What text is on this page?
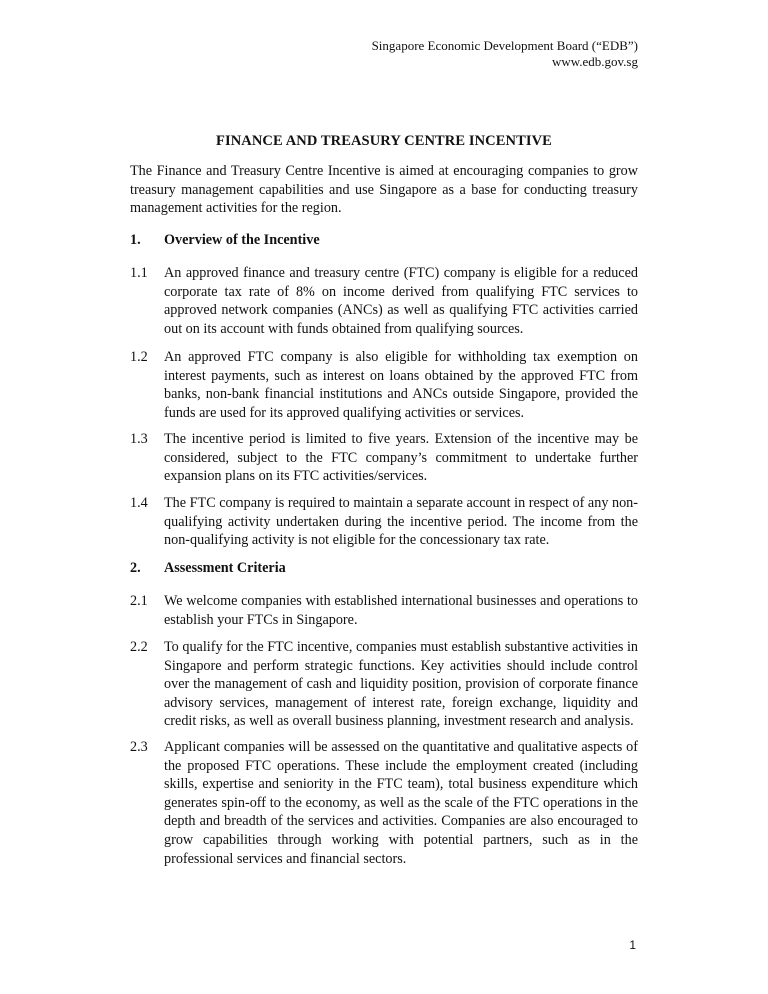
Singapore Economic Development Board (“EDB”)
www.edb.gov.sg
FINANCE AND TREASURY CENTRE INCENTIVE
The Finance and Treasury Centre Incentive is aimed at encouraging companies to grow treasury management capabilities and use Singapore as a base for conducting treasury management activities for the region.
1. Overview of the Incentive
1.1 An approved finance and treasury centre (FTC) company is eligible for a reduced corporate tax rate of 8% on income derived from qualifying FTC services to approved network companies (ANCs) as well as qualifying FTC activities carried out on its account with funds obtained from qualifying sources.
1.2 An approved FTC company is also eligible for withholding tax exemption on interest payments, such as interest on loans obtained by the approved FTC from banks, non-bank financial institutions and ANCs outside Singapore, provided the funds are used for its approved qualifying activities or services.
1.3 The incentive period is limited to five years. Extension of the incentive may be considered, subject to the FTC company’s commitment to undertake further expansion plans on its FTC activities/services.
1.4 The FTC company is required to maintain a separate account in respect of any non-qualifying activity undertaken during the incentive period. The income from the non-qualifying activity is not eligible for the concessionary tax rate.
2. Assessment Criteria
2.1 We welcome companies with established international businesses and operations to establish your FTCs in Singapore.
2.2 To qualify for the FTC incentive, companies must establish substantive activities in Singapore and perform strategic functions. Key activities should include control over the management of cash and liquidity position, provision of corporate finance advisory services, management of interest rate, foreign exchange, liquidity and credit risks, as well as overall business planning, investment research and analysis.
2.3 Applicant companies will be assessed on the quantitative and qualitative aspects of the proposed FTC operations. These include the employment created (including skills, expertise and seniority in the FTC team), total business expenditure which generates spin-off to the economy, as well as the scale of the FTC operations in the depth and breadth of the services and activities. Companies are also encouraged to grow capabilities through working with potential partners, such as in the professional services and financial sectors.
1
